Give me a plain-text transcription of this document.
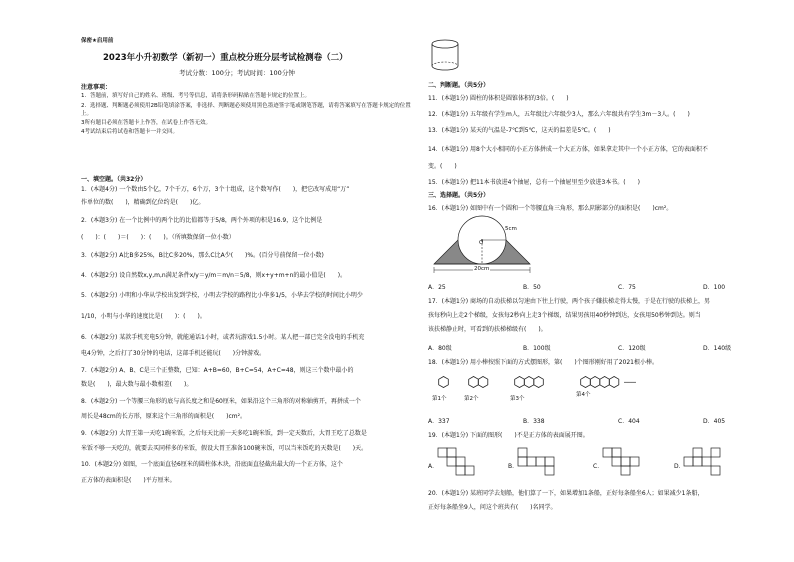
保密★启用前
2023年小升初数学（新初一）重点校分班分层考试检测卷（二）
考试分数：100分；考试时间：100分钟
注意事项：
1．答题前，填写好自己的姓名、班级、考号等信息，请将条形码粘贴在答题卡规定的位置上。
2．选择题、判断题必须使用2B铅笔填涂答案，非选择、判断题必须使用黑色墨迹签字笔或钢笔答题，请将答案填写在答题卡规定的位置上。
3所有题目必须在答题卡上作答，在试卷上作答无效。
4考试结束后将试卷和答题卡一并交回。
一、填空题。（共32分）
1．(本题4分) 一个数由5个亿，7个千万，6个万，3个十组成，这个数写作(　　)，把它改写成用“万”
作单位的数(　　)，精确到亿位约是(　　)亿。
2．(本题3分) 在一个比例中的两个比的比值都等于5/8，两个外项的积是16.9，这个比例是
(　　)：(　　)＝(　　)：(　　)。（所填数保留一位小数）
3．(本题2分) A比B多25%，B比C多20%，那么C比A少(　　)%。(百分号前保留一位小数)
4．(本题2分) 设自然数x,y,m,n满足条件x/y＝y/m＝m/n＝5/8，则x+y+m+n的最小值是(　　)。
5．(本题2分) 小明和小华从学校出发到学校，小明去学校的路程比小华多1/5，小华去学校的时间比小明少
1/10，小明与小华的速度比是(　　)：(　　)。
6．(本题2分) 某款手机充电5分钟，就能通话1小时，或者玩游戏1.5小时。某人把一部已完全没电的手机充
电4分钟，之后打了30分钟的电话，这部手机还能玩(　　)分钟游戏。
7．(本题2分) A、B、C是三个正整数，已知：A+B=60，B+C=54，A+C=48，则这三个数中最小的
数是(　　)，最大数与最小数相差(　　)。
8．(本题2分) 一个等腰三角形的底与高长度之和是60厘米，如果沿这个三角形的对称轴剪开，再拼成一个
周长是48cm的长方形，原来这个三角形的面积是(　　)cm²。
9．(本题2分) 大胃王第一天吃1碗米饭，之后每天比前一天多吃1碗米饭，到一定天数后，大胃王吃了总数是
米饭不够一天吃的，就要去买同样多的米饭，假设大胃王准备100碗米饭，可以当米饭吃的天数是(　　)天。
10．(本题2分) 如图，一个底面直径6厘米的圆柱体木块，沿底面直径截出最大的一个正方体，这个
正方体的表面积是(　　)平方厘米。
二、判断题。（共5分）
11．(本题1分) 圆柱的体积是圆锥体积的3倍。(　　)
12．(本题1分) 五年级有学生m人，五年级比六年级少3人，那么六年级共有学生3m－3人。(　　)
13．(本题1分) 某天的气温是-7℃到5℃，这天的温差是5℃。(　　)
14．(本题1分) 用8个大小相同的小正方体拼成一个大正方体，如果拿走其中一个小正方体，它的表面积不
变。(　　)
15．(本题1分) 把11本书放进4个抽屉，总有一个抽屉里至少放进3本书。(　　)
三、选择题。（共5分）
16．(本题1分) 如图中有一个圆和一个等腰直角三角形，那么阴影部分的面积是(　　)cm²。
5cm
O
20cm
A．25	B．50	C．75	D．100
17．(本题1分) 商场的自动扶梯以匀速由下往上行驶，两个孩子嫌扶梯走得太慢，于是在行驶的扶梯上，男
孩每秒向上走2个梯级，女孩每2秒向上走3个梯级，结果男孩用40秒钟到达，女孩用50秒钟到达。则当
该扶梯静止时，可看到的扶梯梯级有(　　)。
A．80级	B．100级	C．120级	D．140级
18．(本题1分) 用小棒按照下面的方式摆图形，第(　　)个图形刚好用了2021根小棒。
第1个	第2个	第3个
第4个
……
A．337	B．338	C．404	D．405
19．(本题1分) 下面的图形(　　)不是正方体的表面展开图。
A．	B．	C．	D．
20．(本题1分) 某班同学去划船，他们算了一下，如果增加1条船，正好每条船坐6人；如果减少1条船，
正好每条船坐9人，问这个班共有(　　)名同学。
